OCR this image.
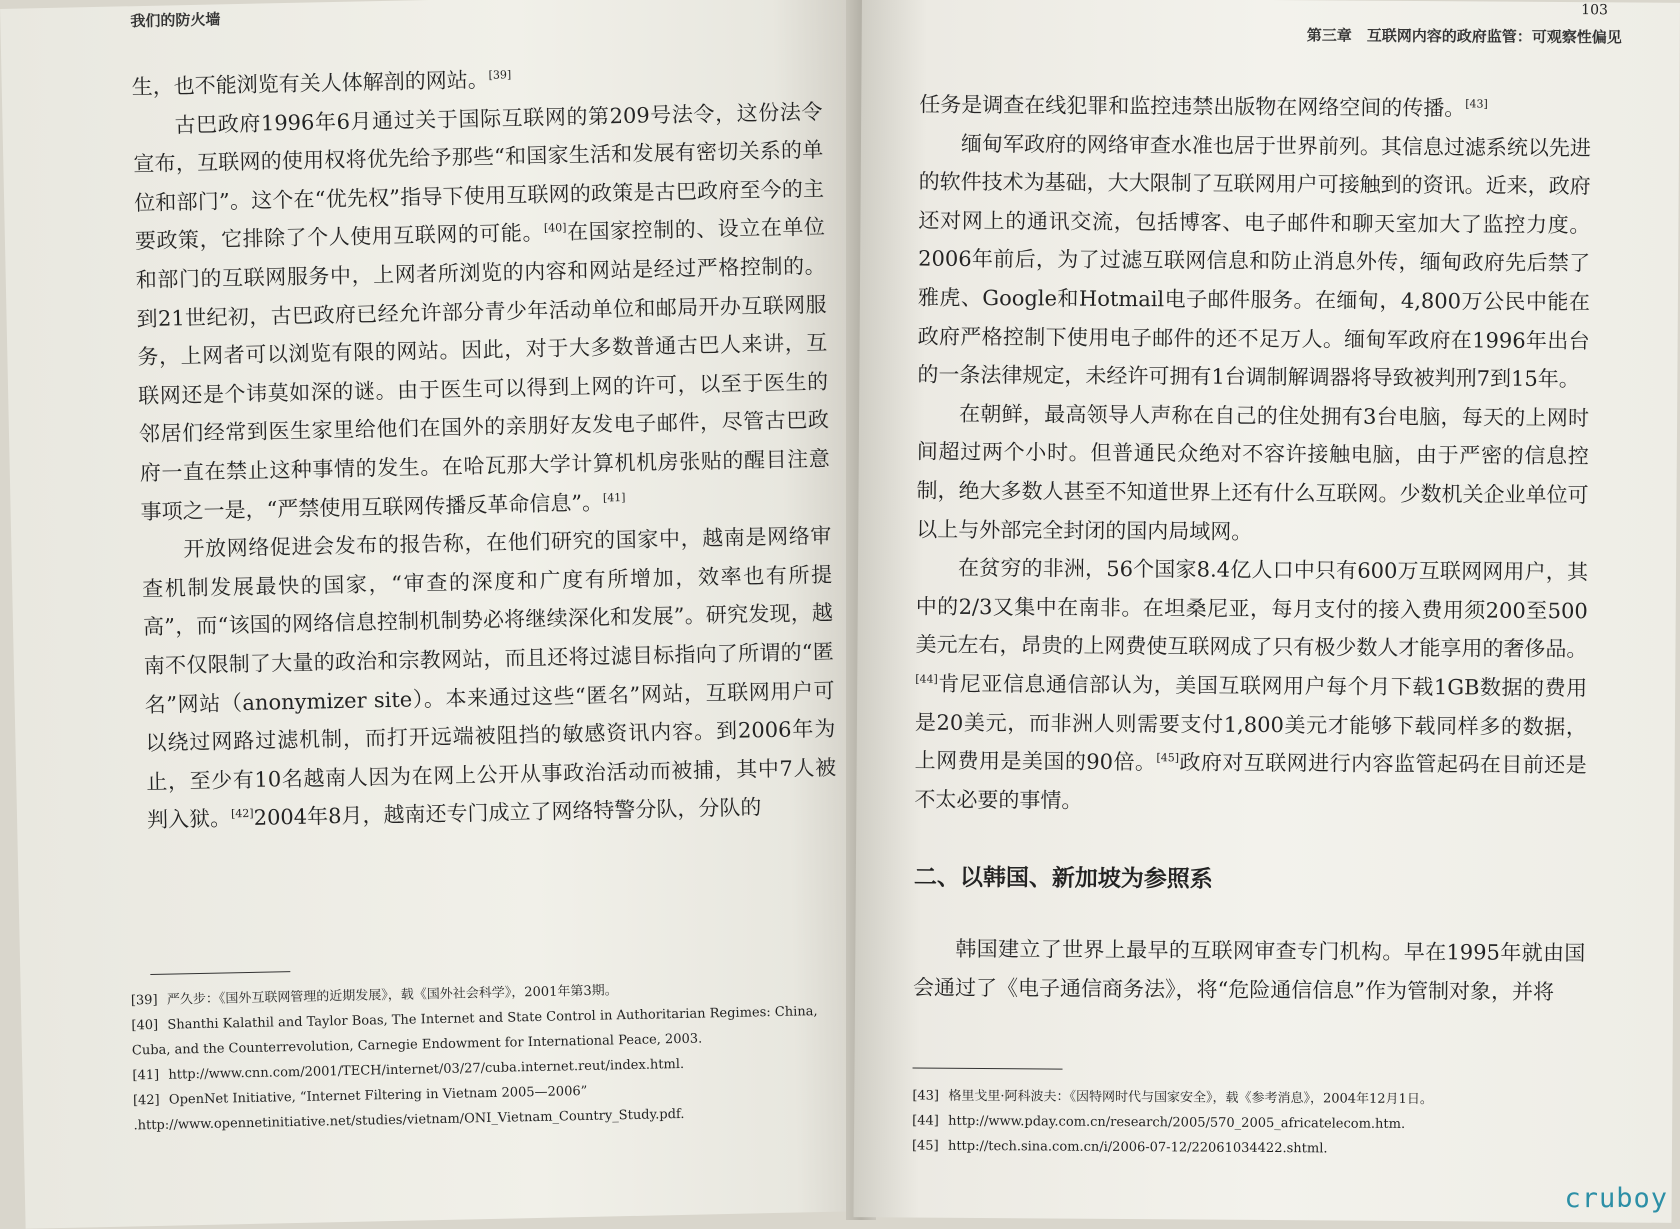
我们的防火墙

生，也不能浏览有关人体解剖的网站。[39]

古巴政府1996年6月通过关于国际互联网的第209号法令，这份法令宣布，互联网的使用权将优先给予那些“和国家生活和发展有密切关系的单位和部门”。这个在“优先权”指导下使用互联网的政策是古巴政府至今的主要政策，它排除了个人使用互联网的可能。[40]在国家控制的、设立在单位和部门的互联网服务中，上网者所浏览的内容和网站是经过严格控制的。到21世纪初，古巴政府已经允许部分青少年活动单位和邮局开办互联网服务，上网者可以浏览有限的网站。因此，对于大多数普通古巴人来讲，互联网还是个讳莫如深的谜。由于医生可以得到上网的许可，以至于医生的邻居们经常到医生家里给他们在国外的亲朋好友发电子邮件，尽管古巴政府一直在禁止这种事情的发生。在哈瓦那大学计算机机房张贴的醒目注意事项之一是，“严禁使用互联网传播反革命信息”。[41]

开放网络促进会发布的报告称，在他们研究的国家中，越南是网络审查机制发展最快的国家，“审查的深度和广度有所增加，效率也有所提高”，而“该国的网络信息控制机制势必将继续深化和发展”。研究发现，越南不仅限制了大量的政治和宗教网站，而且还将过滤目标指向了所谓的“匿名”网站（anonymizer site）。本来通过这些“匿名”网站，互联网用户可以绕过网路过滤机制，而打开远端被阻挡的敏感资讯内容。到2006年为止，至少有10名越南人因为在网上公开从事政治活动而被捕，其中7人被判入狱。[42]2004年8月，越南还专门成立了网络特警分队，分队的

[39] 严久步：《国外互联网管理的近期发展》，载《国外社会科学》，2001年第3期。
[40] Shanthi Kalathil and Taylor Boas, The Internet and State Control in Authoritarian Regimes: China, Cuba, and the Counterrevolution, Carnegie Endowment for International Peace, 2003.
[41] http://www.cnn.com/2001/TECH/internet/03/27/cuba.internet.reut/index.html.
[42] OpenNet Initiative, “Internet Filtering in Vietnam 2005—2006” .http://www.opennetinitiative.net/studies/vietnam/ONI_Vietnam_Country_Study.pdf.
103
第三章　互联网内容的政府监管：可观察性偏见

任务是调查在线犯罪和监控违禁出版物在网络空间的传播。[43]

缅甸军政府的网络审查水准也居于世界前列。其信息过滤系统以先进的软件技术为基础，大大限制了互联网用户可接触到的资讯。近来，政府还对网上的通讯交流，包括博客、电子邮件和聊天室加大了监控力度。2006年前后，为了过滤互联网信息和防止消息外传，缅甸政府先后禁了雅虎、Google和Hotmail电子邮件服务。在缅甸，4,800万公民中能在政府严格控制下使用电子邮件的还不足万人。缅甸军政府在1996年出台的一条法律规定，未经许可拥有1台调制解调器将导致被判刑7到15年。

在朝鲜，最高领导人声称在自己的住处拥有3台电脑，每天的上网时间超过两个小时。但普通民众绝对不容许接触电脑，由于严密的信息控制，绝大多数人甚至不知道世界上还有什么互联网。少数机关企业单位可以上与外部完全封闭的国内局域网。

在贫穷的非洲，56个国家8.4亿人口中只有600万互联网网用户，其中的2/3又集中在南非。在坦桑尼亚，每月支付的接入费用须200至500美元左右，昂贵的上网费使互联网成了只有极少数人才能享用的奢侈品。[44]肯尼亚信息通信部认为，美国互联网用户每个月下载1GB数据的费用是20美元，而非洲人则需要支付1,800美元才能够下载同样多的数据，上网费用是美国的90倍。[45]政府对互联网进行内容监管起码在目前还是不太必要的事情。

二、以韩国、新加坡为参照系

韩国建立了世界上最早的互联网审查专门机构。早在1995年就由国会通过了《电子通信商务法》，将“危险通信信息”作为管制对象，并将

[43] 格里戈里·阿科波夫：《因特网时代与国家安全》，载《参考消息》，2004年12月1日。
[44] http://www.pday.com.cn/research/2005/570_2005_africatelecom.htm.
[45] http://tech.sina.com.cn/i/2006-07-12/22061034422.shtml.
cruboy
